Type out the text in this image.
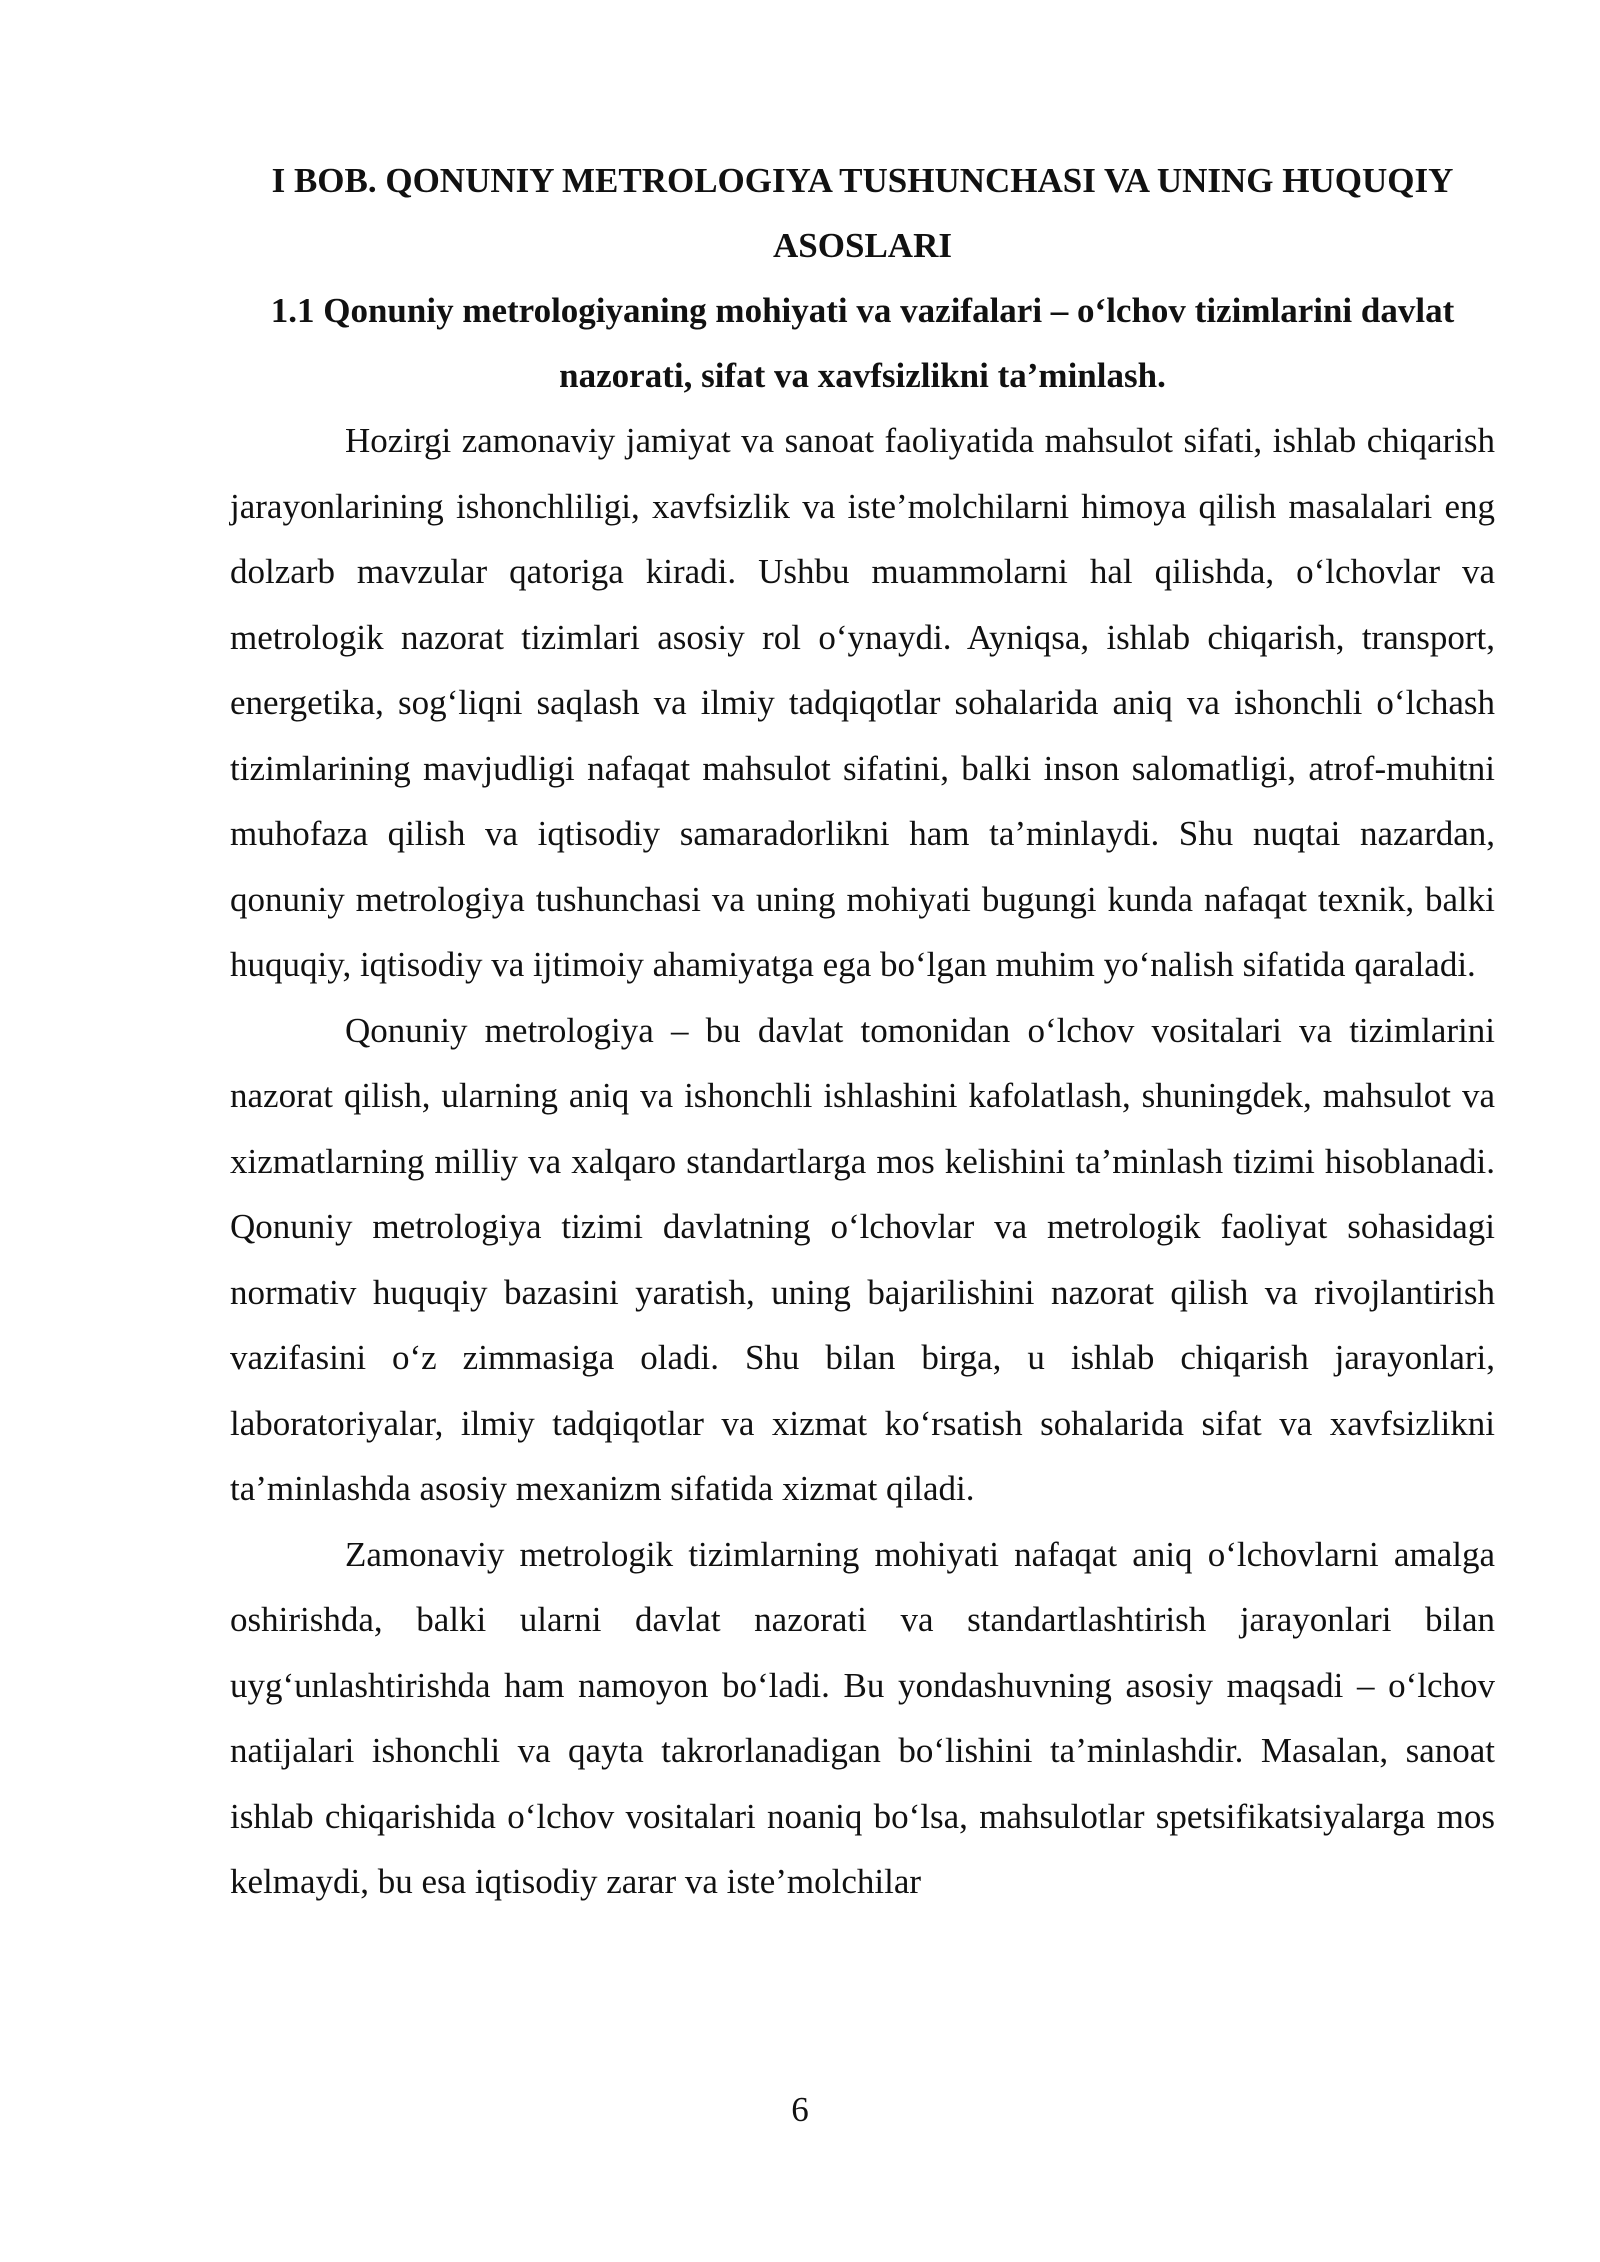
I BOB. QONUNIY METROLOGIYA TUSHUNCHASI VA UNING HUQUQIY ASOSLARI
1.1 Qonuniy metrologiyaning mohiyati va vazifalari – o‘lchov tizimlarini davlat nazorati, sifat va xavfsizlikni ta’minlash.

Hozirgi zamonaviy jamiyat va sanoat faoliyatida mahsulot sifati, ishlab chiqarish jarayonlarining ishonchliligi, xavfsizlik va iste’molchilarni himoya qilish masalalari eng dolzarb mavzular qatoriga kiradi. Ushbu muammolarni hal qilishda, o‘lchovlar va metrologik nazorat tizimlari asosiy rol o‘ynaydi. Ayniqsa, ishlab chiqarish, transport, energetika, sog‘liqni saqlash va ilmiy tadqiqotlar sohalarida aniq va ishonchli o‘lchash tizimlarining mavjudligi nafaqat mahsulot sifatini, balki inson salomatligi, atrof-muhitni muhofaza qilish va iqtisodiy samaradorlikni ham ta’minlaydi. Shu nuqtai nazardan, qonuniy metrologiya tushunchasi va uning mohiyati bugungi kunda nafaqat texnik, balki huquqiy, iqtisodiy va ijtimoiy ahamiyatga ega bo‘lgan muhim yo‘nalish sifatida qaraladi.

Qonuniy metrologiya – bu davlat tomonidan o‘lchov vositalari va tizimlarini nazorat qilish, ularning aniq va ishonchli ishlashini kafolatlash, shuningdek, mahsulot va xizmatlarning milliy va xalqaro standartlarga mos kelishini ta’minlash tizimi hisoblanadi. Qonuniy metrologiya tizimi davlatning o‘lchovlar va metrologik faoliyat sohasidagi normativ huquqiy bazasini yaratish, uning bajarilishini nazorat qilish va rivojlantirish vazifasini o‘z zimmasiga oladi. Shu bilan birga, u ishlab chiqarish jarayonlari, laboratoriyalar, ilmiy tadqiqotlar va xizmat ko‘rsatish sohalarida sifat va xavfsizlikni ta’minlashda asosiy mexanizm sifatida xizmat qiladi.

Zamonaviy metrologik tizimlarning mohiyati nafaqat aniq o‘lchovlarni amalga oshirishda, balki ularni davlat nazorati va standartlashtirish jarayonlari bilan uyg‘unlashtirishda ham namoyon bo‘ladi. Bu yondashuvning asosiy maqsadi – o‘lchov natijalari ishonchli va qayta takrorlanadigan bo‘lishini ta’minlashdir. Masalan, sanoat ishlab chiqarishida o‘lchov vositalari noaniq bo‘lsa, mahsulotlar spetsifikatsiyalarga mos kelmaydi, bu esa iqtisodiy zarar va iste’molchilar

6
